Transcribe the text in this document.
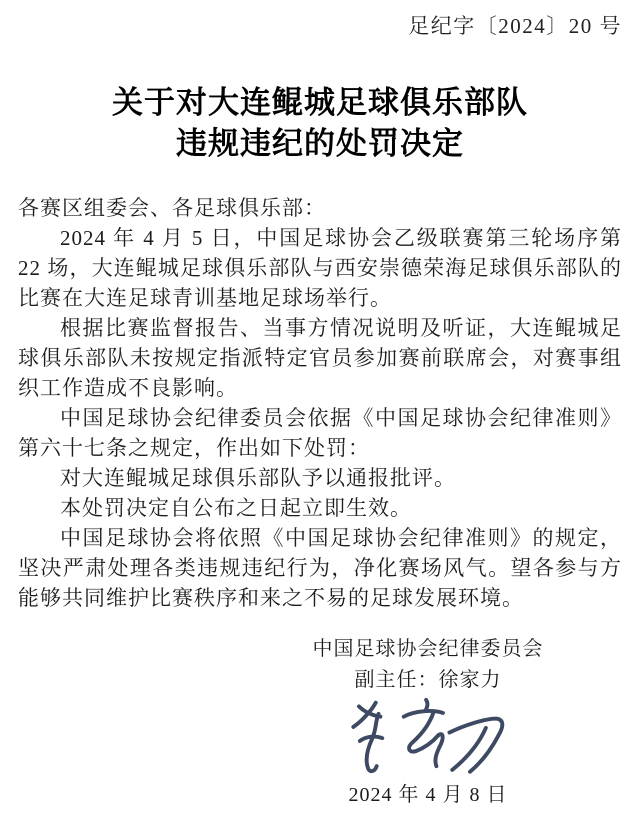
足纪字〔2024〕20 号
关于对大连鲲城足球俱乐部队
违规违纪的处罚决定

各赛区组委会、各足球俱乐部：

2024 年 4 月 5 日，中国足球协会乙级联赛第三轮场序第 22 场，大连鲲城足球俱乐部队与西安崇德荣海足球俱乐部队的比赛在大连足球青训基地足球场举行。

根据比赛监督报告、当事方情况说明及听证，大连鲲城足球俱乐部队未按规定指派特定官员参加赛前联席会，对赛事组织工作造成不良影响。

中国足球协会纪律委员会依据《中国足球协会纪律准则》第六十七条之规定，作出如下处罚：

对大连鲲城足球俱乐部队予以通报批评。

本处罚决定自公布之日起立即生效。

中国足球协会将依照《中国足球协会纪律准则》的规定，坚决严肃处理各类违规违纪行为，净化赛场风气。望各参与方能够共同维护比赛秩序和来之不易的足球发展环境。

中国足球协会纪律委员会
副主任：徐家力
2024 年 4 月 8 日
